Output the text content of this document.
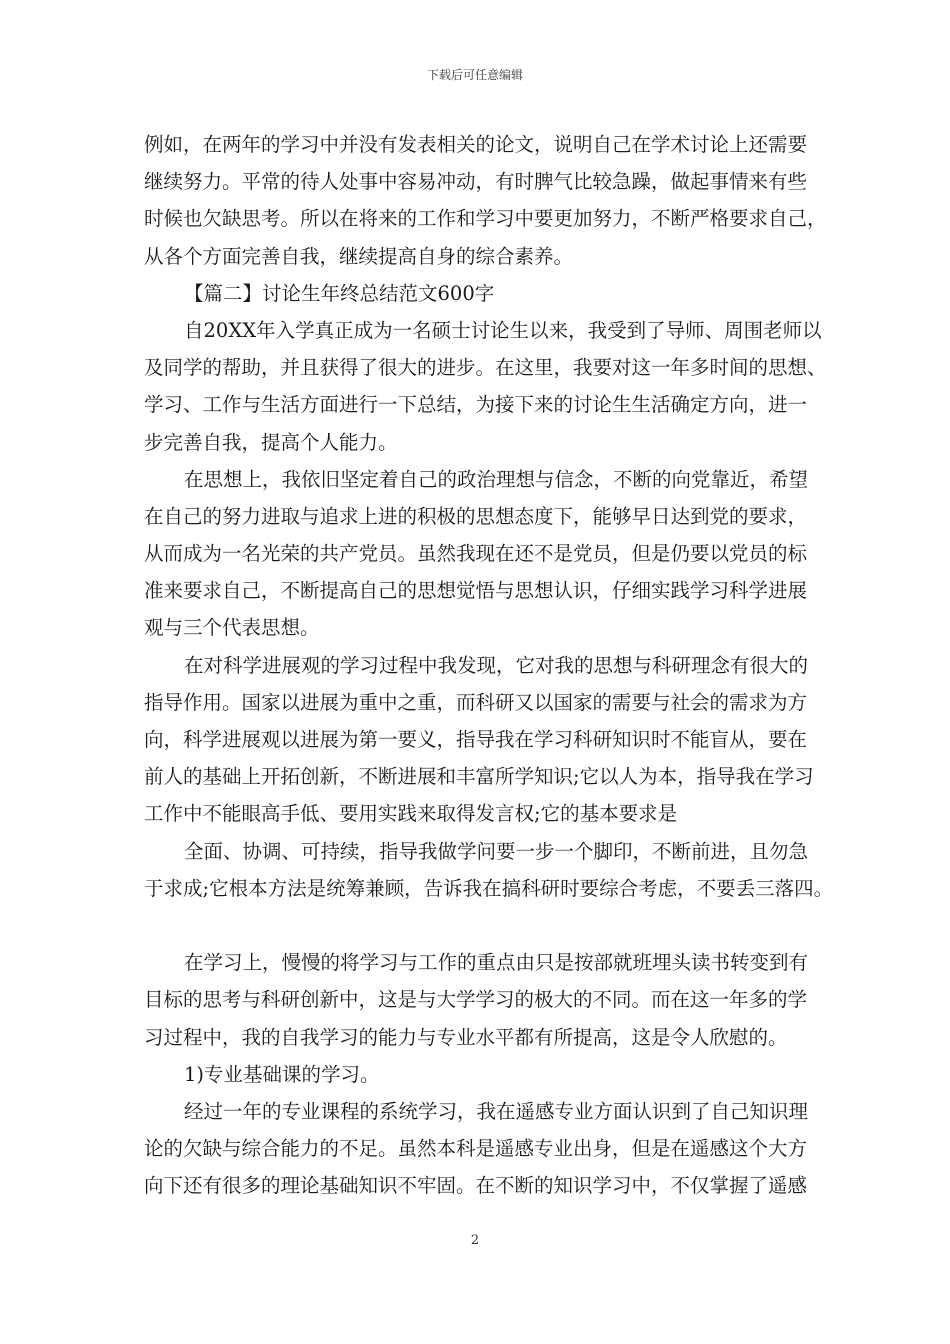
下载后可任意编辑
例如，在两年的学习中并没有发表相关的论文，说明自己在学术讨论上还需要
继续努力。平常的待人处事中容易冲动，有时脾气比较急躁，做起事情来有些
时候也欠缺思考。所以在将来的工作和学习中要更加努力，不断严格要求自己，
从各个方面完善自我，继续提高自身的综合素养。
【篇二】讨论生年终总结范文600字
自20XX年入学真正成为一名硕士讨论生以来，我受到了导师、周围老师以
及同学的帮助，并且获得了很大的进步。在这里，我要对这一年多时间的思想、
学习、工作与生活方面进行一下总结，为接下来的讨论生生活确定方向，进一
步完善自我，提高个人能力。
在思想上，我依旧坚定着自己的政治理想与信念，不断的向党靠近，希望
在自己的努力进取与追求上进的积极的思想态度下，能够早日达到党的要求，
从而成为一名光荣的共产党员。虽然我现在还不是党员，但是仍要以党员的标
准来要求自己，不断提高自己的思想觉悟与思想认识，仔细实践学习科学进展
观与三个代表思想。
在对科学进展观的学习过程中我发现，它对我的思想与科研理念有很大的
指导作用。国家以进展为重中之重，而科研又以国家的需要与社会的需求为方
向，科学进展观以进展为第一要义，指导我在学习科研知识时不能盲从，要在
前人的基础上开拓创新，不断进展和丰富所学知识;它以人为本，指导我在学习
工作中不能眼高手低、要用实践来取得发言权;它的基本要求是
全面、协调、可持续，指导我做学问要一步一个脚印，不断前进，且勿急
于求成;它根本方法是统筹兼顾，告诉我在搞科研时要综合考虑，不要丢三落四。
在学习上，慢慢的将学习与工作的重点由只是按部就班埋头读书转变到有
目标的思考与科研创新中，这是与大学学习的极大的不同。而在这一年多的学
习过程中，我的自我学习的能力与专业水平都有所提高，这是令人欣慰的。
1)专业基础课的学习。
经过一年的专业课程的系统学习，我在遥感专业方面认识到了自己知识理
论的欠缺与综合能力的不足。虽然本科是遥感专业出身，但是在遥感这个大方
向下还有很多的理论基础知识不牢固。在不断的知识学习中，不仅掌握了遥感
2
